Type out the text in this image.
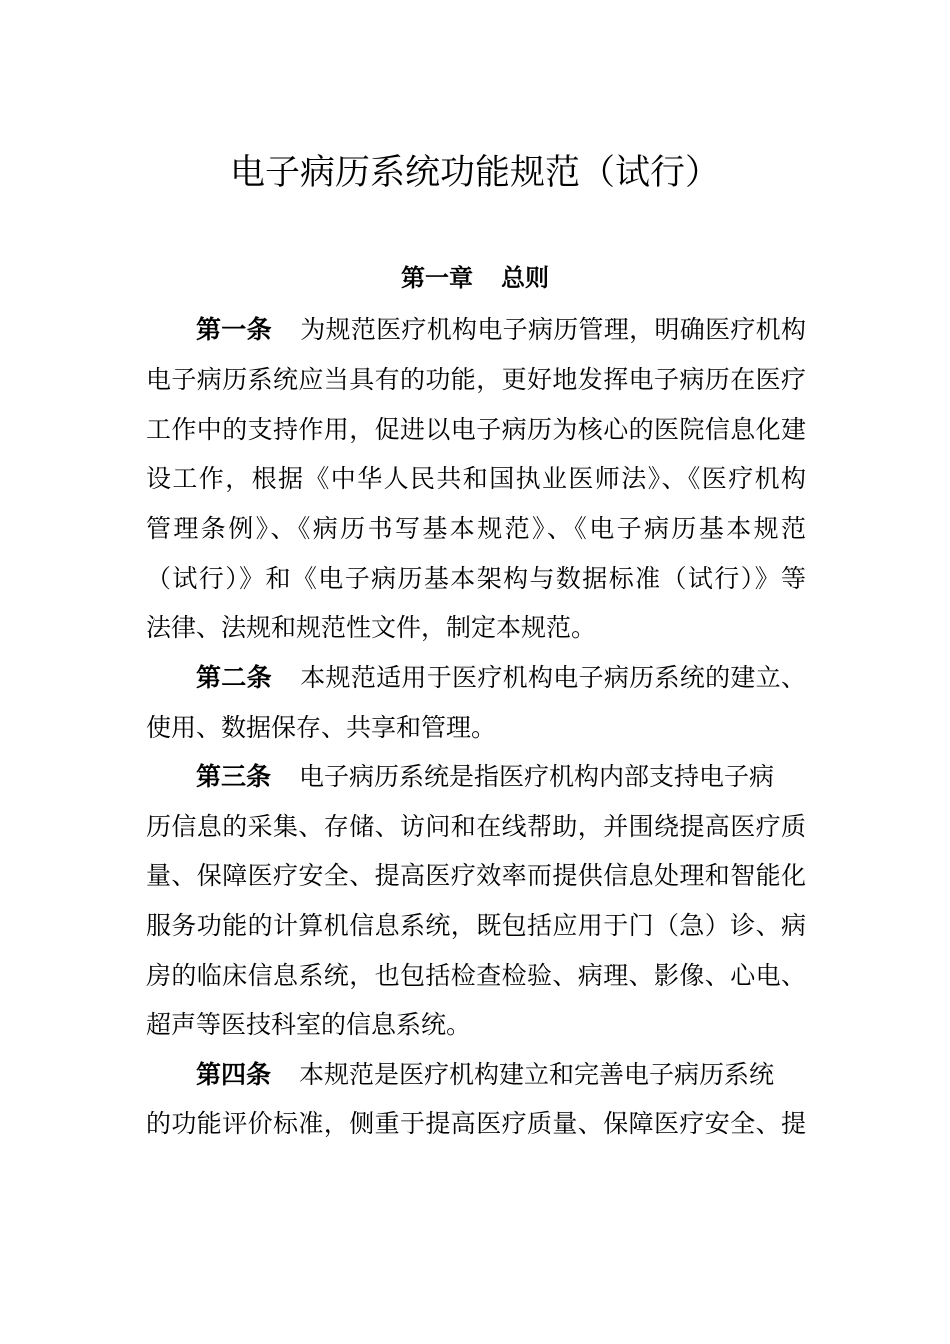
电子病历系统功能规范（试行）
第一章 总则
第一条 为规范医疗机构电子病历管理，明确医疗机构
电子病历系统应当具有的功能，更好地发挥电子病历在医疗
工作中的支持作用，促进以电子病历为核心的医院信息化建
设工作，根据《中华人民共和国执业医师法》、《医疗机构
管理条例》、《病历书写基本规范》、《电子病历基本规范
（试行）》和《电子病历基本架构与数据标准（试行）》等
法律、法规和规范性文件，制定本规范。
第二条 本规范适用于医疗机构电子病历系统的建立、
使用、数据保存、共享和管理。
第三条 电子病历系统是指医疗机构内部支持电子病
历信息的采集、存储、访问和在线帮助，并围绕提高医疗质
量、保障医疗安全、提高医疗效率而提供信息处理和智能化
服务功能的计算机信息系统，既包括应用于门（急）诊、病
房的临床信息系统，也包括检查检验、病理、影像、心电、
超声等医技科室的信息系统。
第四条 本规范是医疗机构建立和完善电子病历系统
的功能评价标准，侧重于提高医疗质量、保障医疗安全、提
